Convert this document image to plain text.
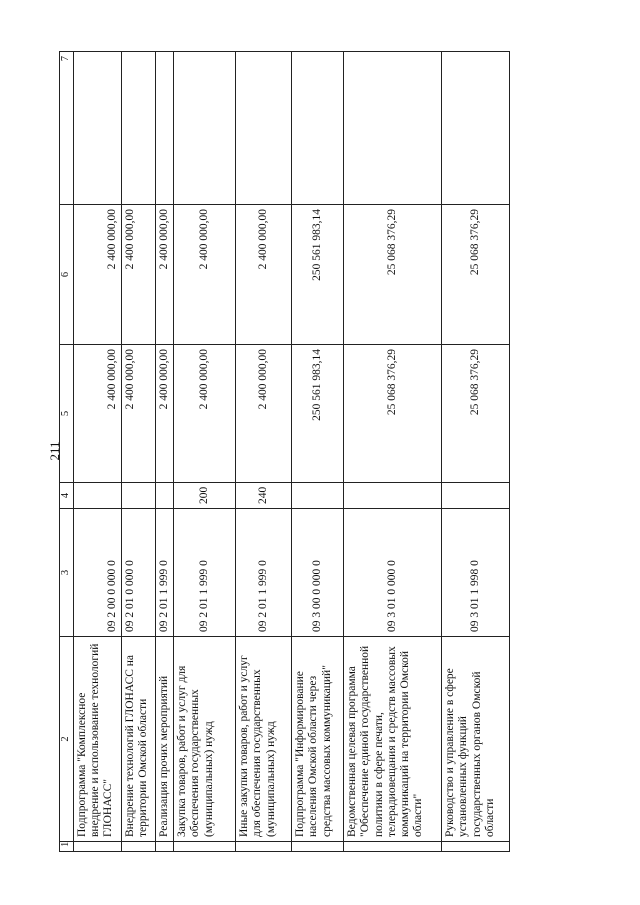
211
1	2	3	4	5	6	7
	Подпрограмма "Комплексное внедрение и использование технологий ГЛОНАСС"	09 2 00 0 000 0		2 400 000,00	2 400 000,00	
	Внедрение технологий ГЛОНАСС на территории Омской области	09 2 01 0 000 0		2 400 000,00	2 400 000,00	
	Реализация прочих мероприятий	09 2 01 1 999 0		2 400 000,00	2 400 000,00	
	Закупка товаров, работ и услуг для обеспечения государственных (муниципальных) нужд	09 2 01 1 999 0	200	2 400 000,00	2 400 000,00	
	Иные закупки товаров, работ и услуг для обеспечения государственных (муниципальных) нужд	09 2 01 1 999 0	240	2 400 000,00	2 400 000,00	
	Подпрограмма "Информирование населения Омской области через средства массовых коммуникаций"	09 3 00 0 000 0		250 561 983,14	250 561 983,14	
	Ведомственная целевая программа "Обеспечение единой государственной политики в сфере печати, телерадиовещания и средств массовых коммуникаций на территории Омской области"	09 3 01 0 000 0		25 068 376,29	25 068 376,29	
	Руководство и управление в сфере установленных функций государственных органов Омской области	09 3 01 1 998 0		25 068 376,29	25 068 376,29	
